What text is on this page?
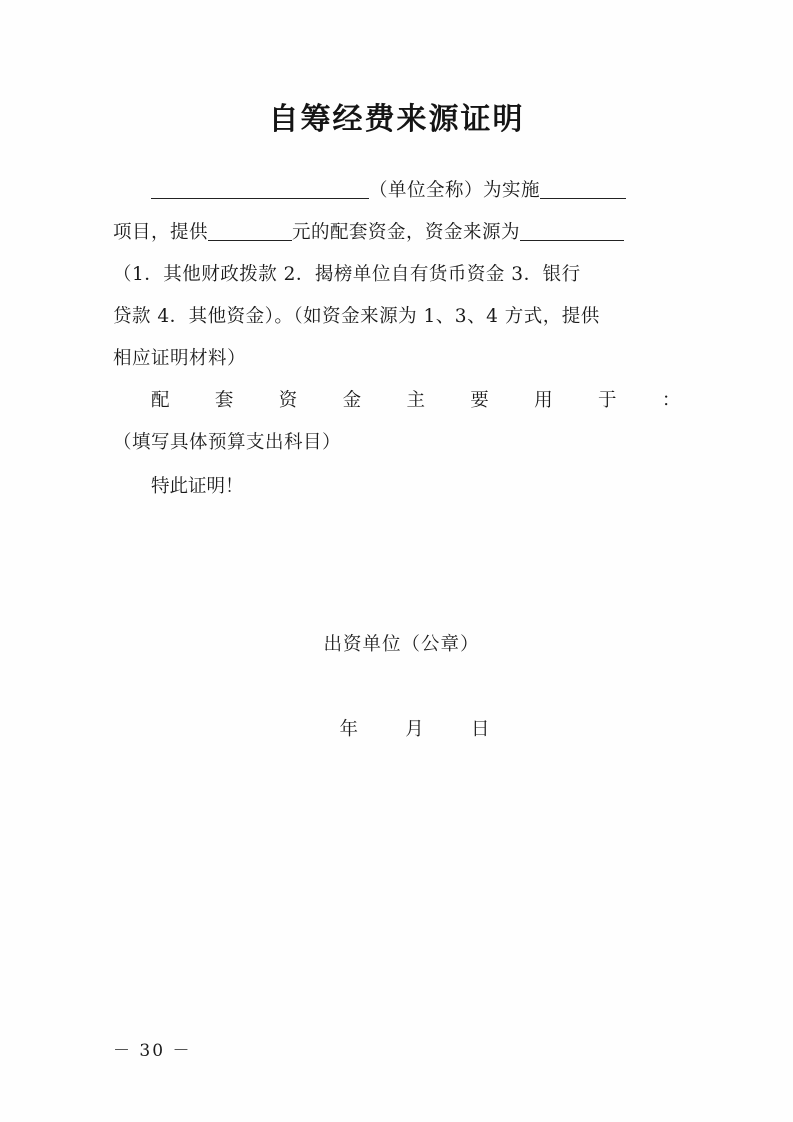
自筹经费来源证明
（单位全称）为实施
项目，提供	元的配套资金，资金来源为
（1．其他财政拨款 2．揭榜单位自有货币资金 3．银行
贷款 4．其他资金）。（如资金来源为 1、3、4 方式，提供
相应证明材料）
配 套 资 金 主 要 用 于 ：
（填写具体预算支出科目）
特此证明！
出资单位（公章）
年	月	日
－ 30 －
